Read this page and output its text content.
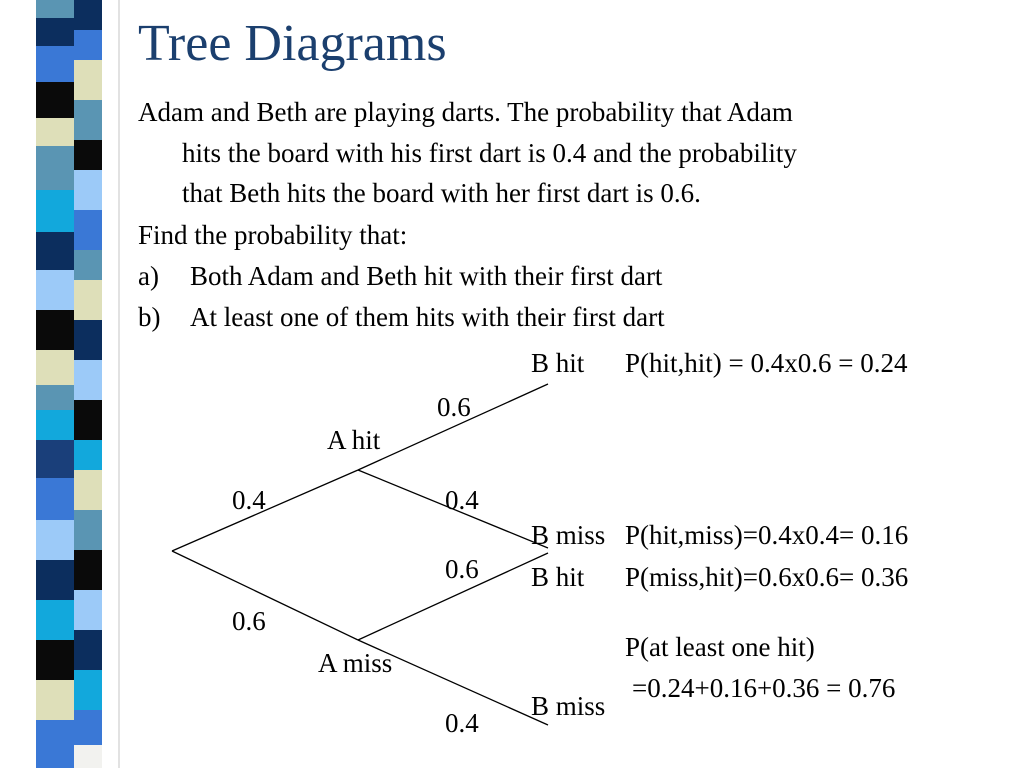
Tree Diagrams
Adam and Beth are playing darts. The probability that Adam
hits the board with his first dart is 0.4 and the probability
that Beth hits the board with her first dart is 0.6.
Find the probability that:
a) Both Adam and Beth hit with their first dart
b) At least one of them hits with their first dart
0.4
0.6
A hit
A miss
0.6
0.4
0.6
0.4
B hit P(hit,hit) = 0.4x0.6 = 0.24
B miss P(hit,miss)=0.4x0.4= 0.16
B hit P(miss,hit)=0.6x0.6= 0.36
B miss
P(at least one hit)
=0.24+0.16+0.36 = 0.76
